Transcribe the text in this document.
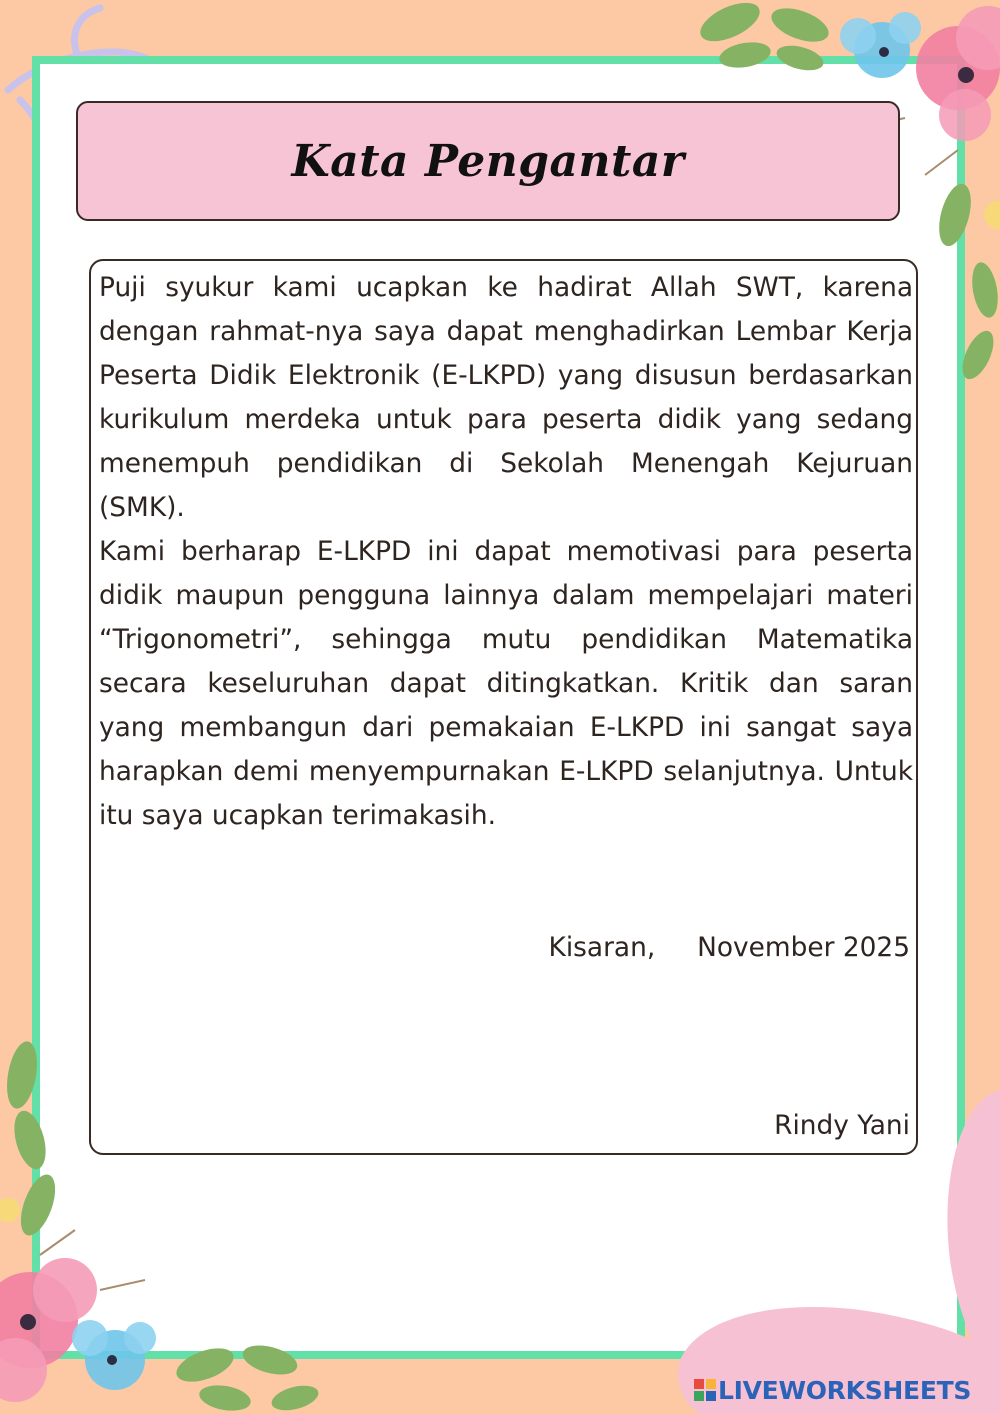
Kata Pengantar

Puji syukur kami ucapkan ke hadirat Allah SWT, karena dengan rahmat-nya saya dapat menghadirkan Lembar Kerja Peserta Didik Elektronik (E-LKPD) yang disusun berdasarkan kurikulum merdeka untuk para peserta didik yang sedang menempuh pendidikan di Sekolah Menengah Kejuruan (SMK).

Kami berharap E-LKPD ini dapat memotivasi para peserta didik maupun pengguna lainnya dalam mempelajari materi “Trigonometri”, sehingga mutu pendidikan Matematika secara keseluruhan dapat ditingkatkan. Kritik dan saran yang membangun dari pemakaian E-LKPD ini sangat saya harapkan demi menyempurnakan E-LKPD selanjutnya. Untuk itu saya ucapkan terimakasih.

Kisaran,     November 2025

Rindy Yani

LIVEWORKSHEETS
